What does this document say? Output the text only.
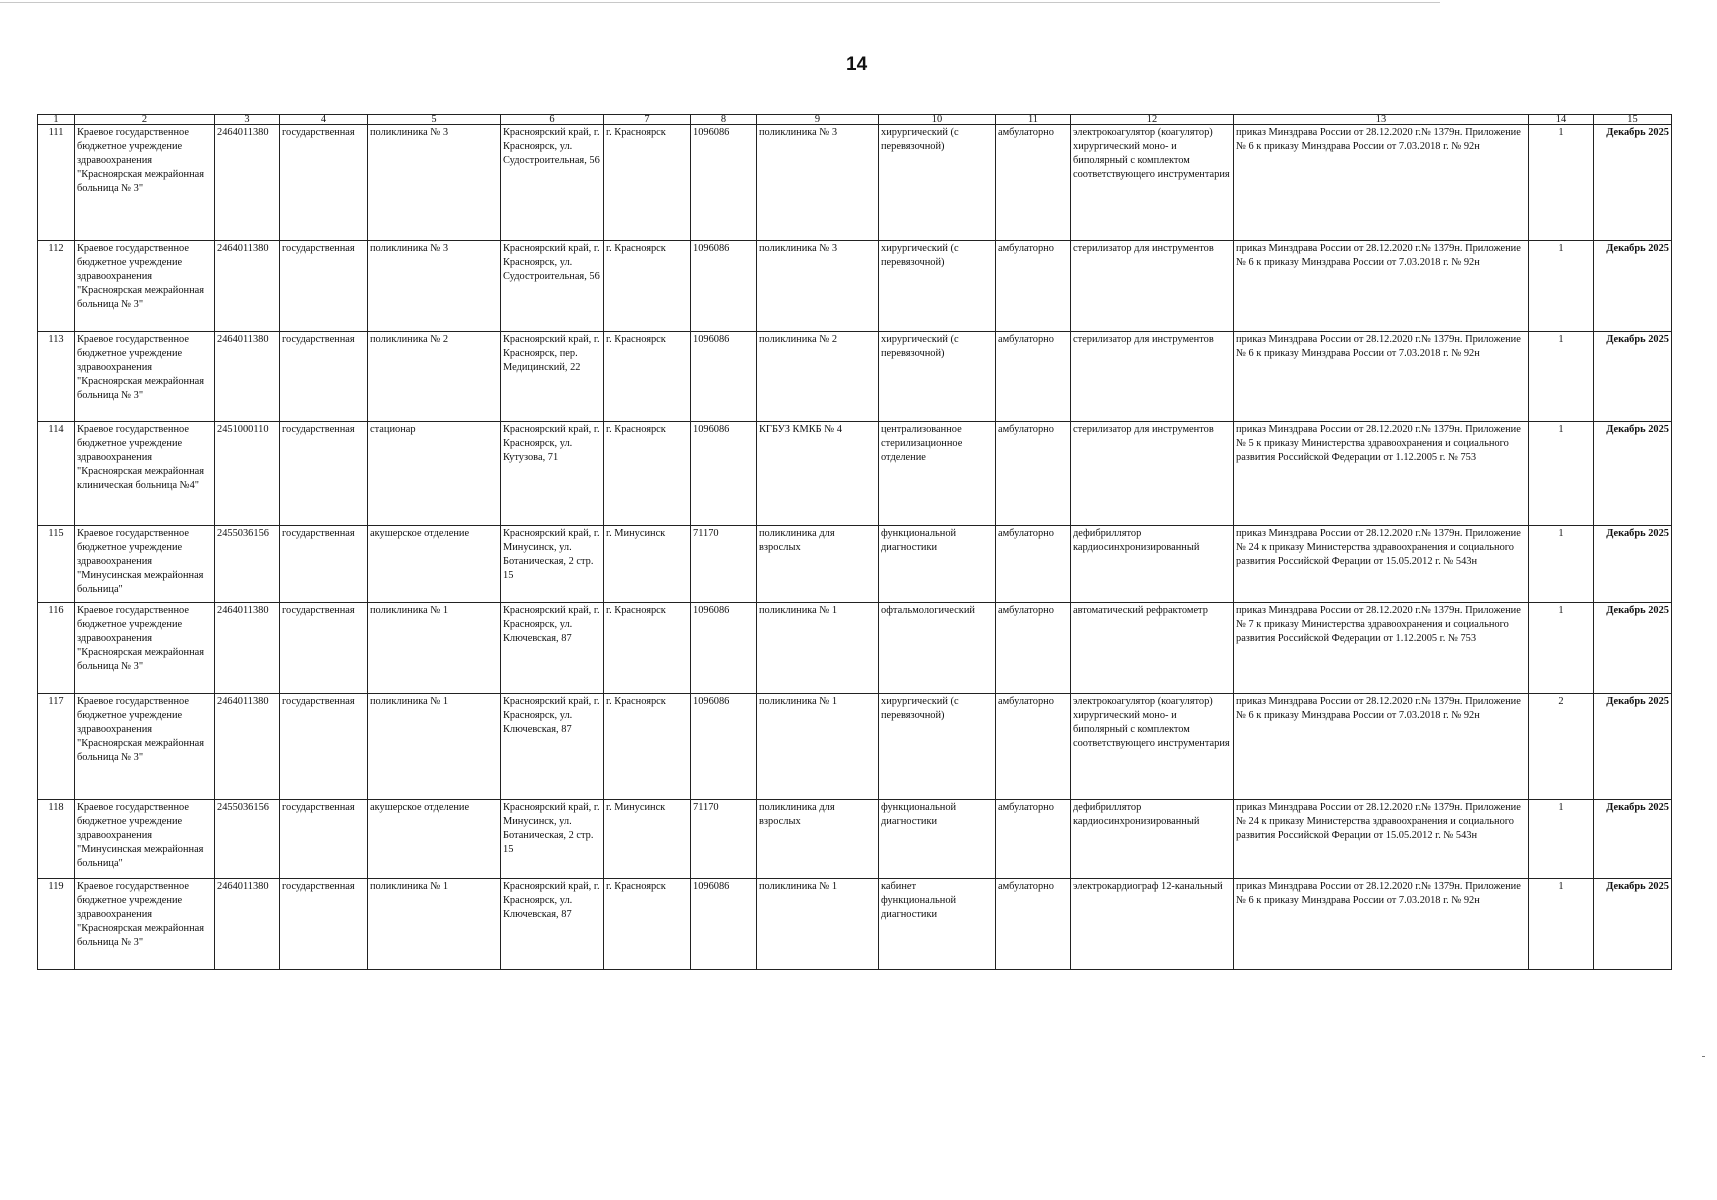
14
1	2	3	4	5	6	7	8	9	10	11	12	13	14	15
111	Краевое государственное бюджетное учреждение здравоохранения "Красноярская межрайонная больница № 3"	2464011380	государственная	поликлиника № 3	Красноярский край, г. Красноярск, ул. Судостроительная, 56	г. Красноярск	1096086	поликлиника № 3	хирургический (с перевязочной)	амбулаторно	электрокоагулятор (коагулятор) хирургический моно- и биполярный с комплектом соответствующего инструментария	приказ Минздрава России от 28.12.2020 г.№ 1379н. Приложение № 6 к приказу Минздрава России от 7.03.2018 г. № 92н	1	Декабрь 2025
112	Краевое государственное бюджетное учреждение здравоохранения "Красноярская межрайонная больница № 3"	2464011380	государственная	поликлиника № 3	Красноярский край, г. Красноярск, ул. Судостроительная, 56	г. Красноярск	1096086	поликлиника № 3	хирургический (с перевязочной)	амбулаторно	стерилизатор для инструментов	приказ Минздрава России от 28.12.2020 г.№ 1379н. Приложение № 6 к приказу Минздрава России от 7.03.2018 г. № 92н	1	Декабрь 2025
113	Краевое государственное бюджетное учреждение здравоохранения "Красноярская межрайонная больница № 3"	2464011380	государственная	поликлиника № 2	Красноярский край, г. Красноярск, пер. Медицинский, 22	г. Красноярск	1096086	поликлиника № 2	хирургический (с перевязочной)	амбулаторно	стерилизатор для инструментов	приказ Минздрава России от 28.12.2020 г.№ 1379н. Приложение № 6 к приказу Минздрава России от 7.03.2018 г. № 92н	1	Декабрь 2025
114	Краевое государственное бюджетное учреждение здравоохранения "Красноярская межрайонная клиническая больница №4"	2451000110	государственная	стационар	Красноярский край, г. Красноярск, ул. Кутузова, 71	г. Красноярск	1096086	КГБУЗ КМКБ № 4	централизованное стерилизационное отделение	амбулаторно	стерилизатор для инструментов	приказ Минздрава России от 28.12.2020 г.№ 1379н. Приложение № 5 к приказу Министерства здравоохранения и социального развития Российской Федерации от 1.12.2005 г. № 753	1	Декабрь 2025
115	Краевое государственное бюджетное учреждение здравоохранения "Минусинская межрайонная больница"	2455036156	государственная	акушерское отделение	Красноярский край, г. Минусинск, ул. Ботаническая, 2 стр. 15	г. Минусинск	71170	поликлиника для взрослых	функциональной диагностики	амбулаторно	дефибриллятор кардиосинхронизированный	приказ Минздрава России от 28.12.2020 г.№ 1379н. Приложение № 24 к приказу Министерства здравоохранения и социального развития Российской Ферации от 15.05.2012 г. № 543н	1	Декабрь 2025
116	Краевое государственное бюджетное учреждение здравоохранения "Красноярская межрайонная больница № 3"	2464011380	государственная	поликлиника № 1	Красноярский край, г. Красноярск, ул. Ключевская, 87	г. Красноярск	1096086	поликлиника № 1	офтальмологический	амбулаторно	автоматический рефрактометр	приказ Минздрава России от 28.12.2020 г.№ 1379н. Приложение № 7 к приказу Министерства здравоохранения и социального развития Российской Федерации от 1.12.2005 г. № 753	1	Декабрь 2025
117	Краевое государственное бюджетное учреждение здравоохранения "Красноярская межрайонная больница № 3"	2464011380	государственная	поликлиника № 1	Красноярский край, г. Красноярск, ул. Ключевская, 87	г. Красноярск	1096086	поликлиника № 1	хирургический (с перевязочной)	амбулаторно	электрокоагулятор (коагулятор) хирургический моно- и биполярный с комплектом соответствующего инструментария	приказ Минздрава России от 28.12.2020 г.№ 1379н. Приложение № 6 к приказу Минздрава России от 7.03.2018 г. № 92н	2	Декабрь 2025
118	Краевое государственное бюджетное учреждение здравоохранения "Минусинская межрайонная больница"	2455036156	государственная	акушерское отделение	Красноярский край, г. Минусинск, ул. Ботаническая, 2 стр. 15	г. Минусинск	71170	поликлиника для взрослых	функциональной диагностики	амбулаторно	дефибриллятор кардиосинхронизированный	приказ Минздрава России от 28.12.2020 г.№ 1379н. Приложение № 24 к приказу Министерства здравоохранения и социального развития Российской Ферации от 15.05.2012 г. № 543н	1	Декабрь 2025
119	Краевое государственное бюджетное учреждение здравоохранения "Красноярская межрайонная больница № 3"	2464011380	государственная	поликлиника № 1	Красноярский край, г. Красноярск, ул. Ключевская, 87	г. Красноярск	1096086	поликлиника № 1	кабинет функциональной диагностики	амбулаторно	электрокардиограф 12-канальный	приказ Минздрава России от 28.12.2020 г.№ 1379н. Приложение № 6 к приказу Минздрава России от 7.03.2018 г. № 92н	1	Декабрь 2025
